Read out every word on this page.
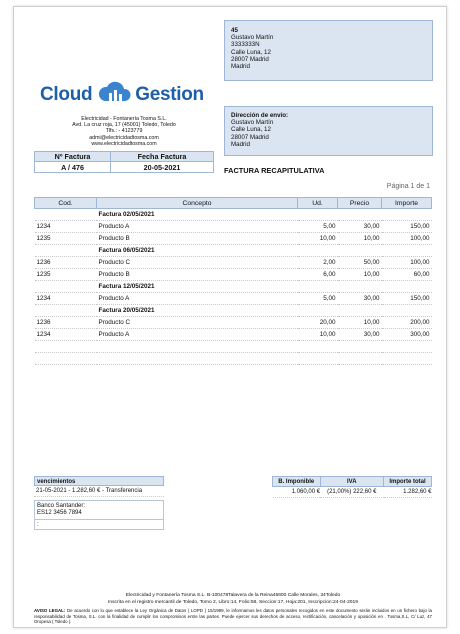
45
Gustavo Martín
3333333N
Calle Luna, 12
28007 Madrid
Madrid
Cloud Gestion
Electricidad - Fontanería Tosma S.L.
Avd. La cruz roja, 17 (45001) Toledo, Toledo
Tlfs.: - 4123779
admi@electricidadtosma.com
www.electricidadtosma.com
Dirección de envío:
Gustavo Martín
Calle Luna, 12
28007 Madrid
Madrid
Nº Factura	Fecha Factura
A / 476	20-05-2021	FACTURA RECAPITULATIVA
Página 1 de 1
Cod.	Concepto	Ud.	Precio	Importe
	Factura 02/05/2021			
1234	Producto A	5,00	30,00	150,00
1235	Producto B	10,00	10,00	100,00
	Factura 06/05/2021			
1236	Producto C	2,00	50,00	100,00
1235	Producto B	6,00	10,00	60,00
	Factura 12/05/2021			
1234	Producto A	5,00	30,00	150,00
	Factura 20/05/2021			
1236	Producto C	20,00	10,00	200,00
1234	Producto A	10,00	30,00	300,00

vencimientos
21-05-2021 - 1.282,60 € - Transferencia
Banco Santander:
ES12 3456 7894
:
B. Imponible	IVA	Importe total
1.060,00 €	(21,00%) 222,60 €	1.282,60 €
Electricidad y Fontanería Tosma S.L. B-100478Talavera de la Reina45600 Calle Morales, 34Toledo
Inscrita en el registro mercantil de Toledo, Tomo 2, Libro:14, Folio:58, Seccion:17, Hoja:201, Inscripcion:24-04-2019
AVISO LEGAL: De acuerdo con lo que establece la Ley Orgánica de Datos ( LOPD ) 15/1999, le informamos les datos personales recogidos en este documento serán incluidos en un fichero bajo la responsabilidad de Tosma, S.L. con la finalidad de cumplir los compromisos entre las partes. Puede ejercer sus derechos de acceso, rectificación, cancelación y oposición en . Tosma,S.L, C/ Luz, 47 Oropesa ( Toledo ).
